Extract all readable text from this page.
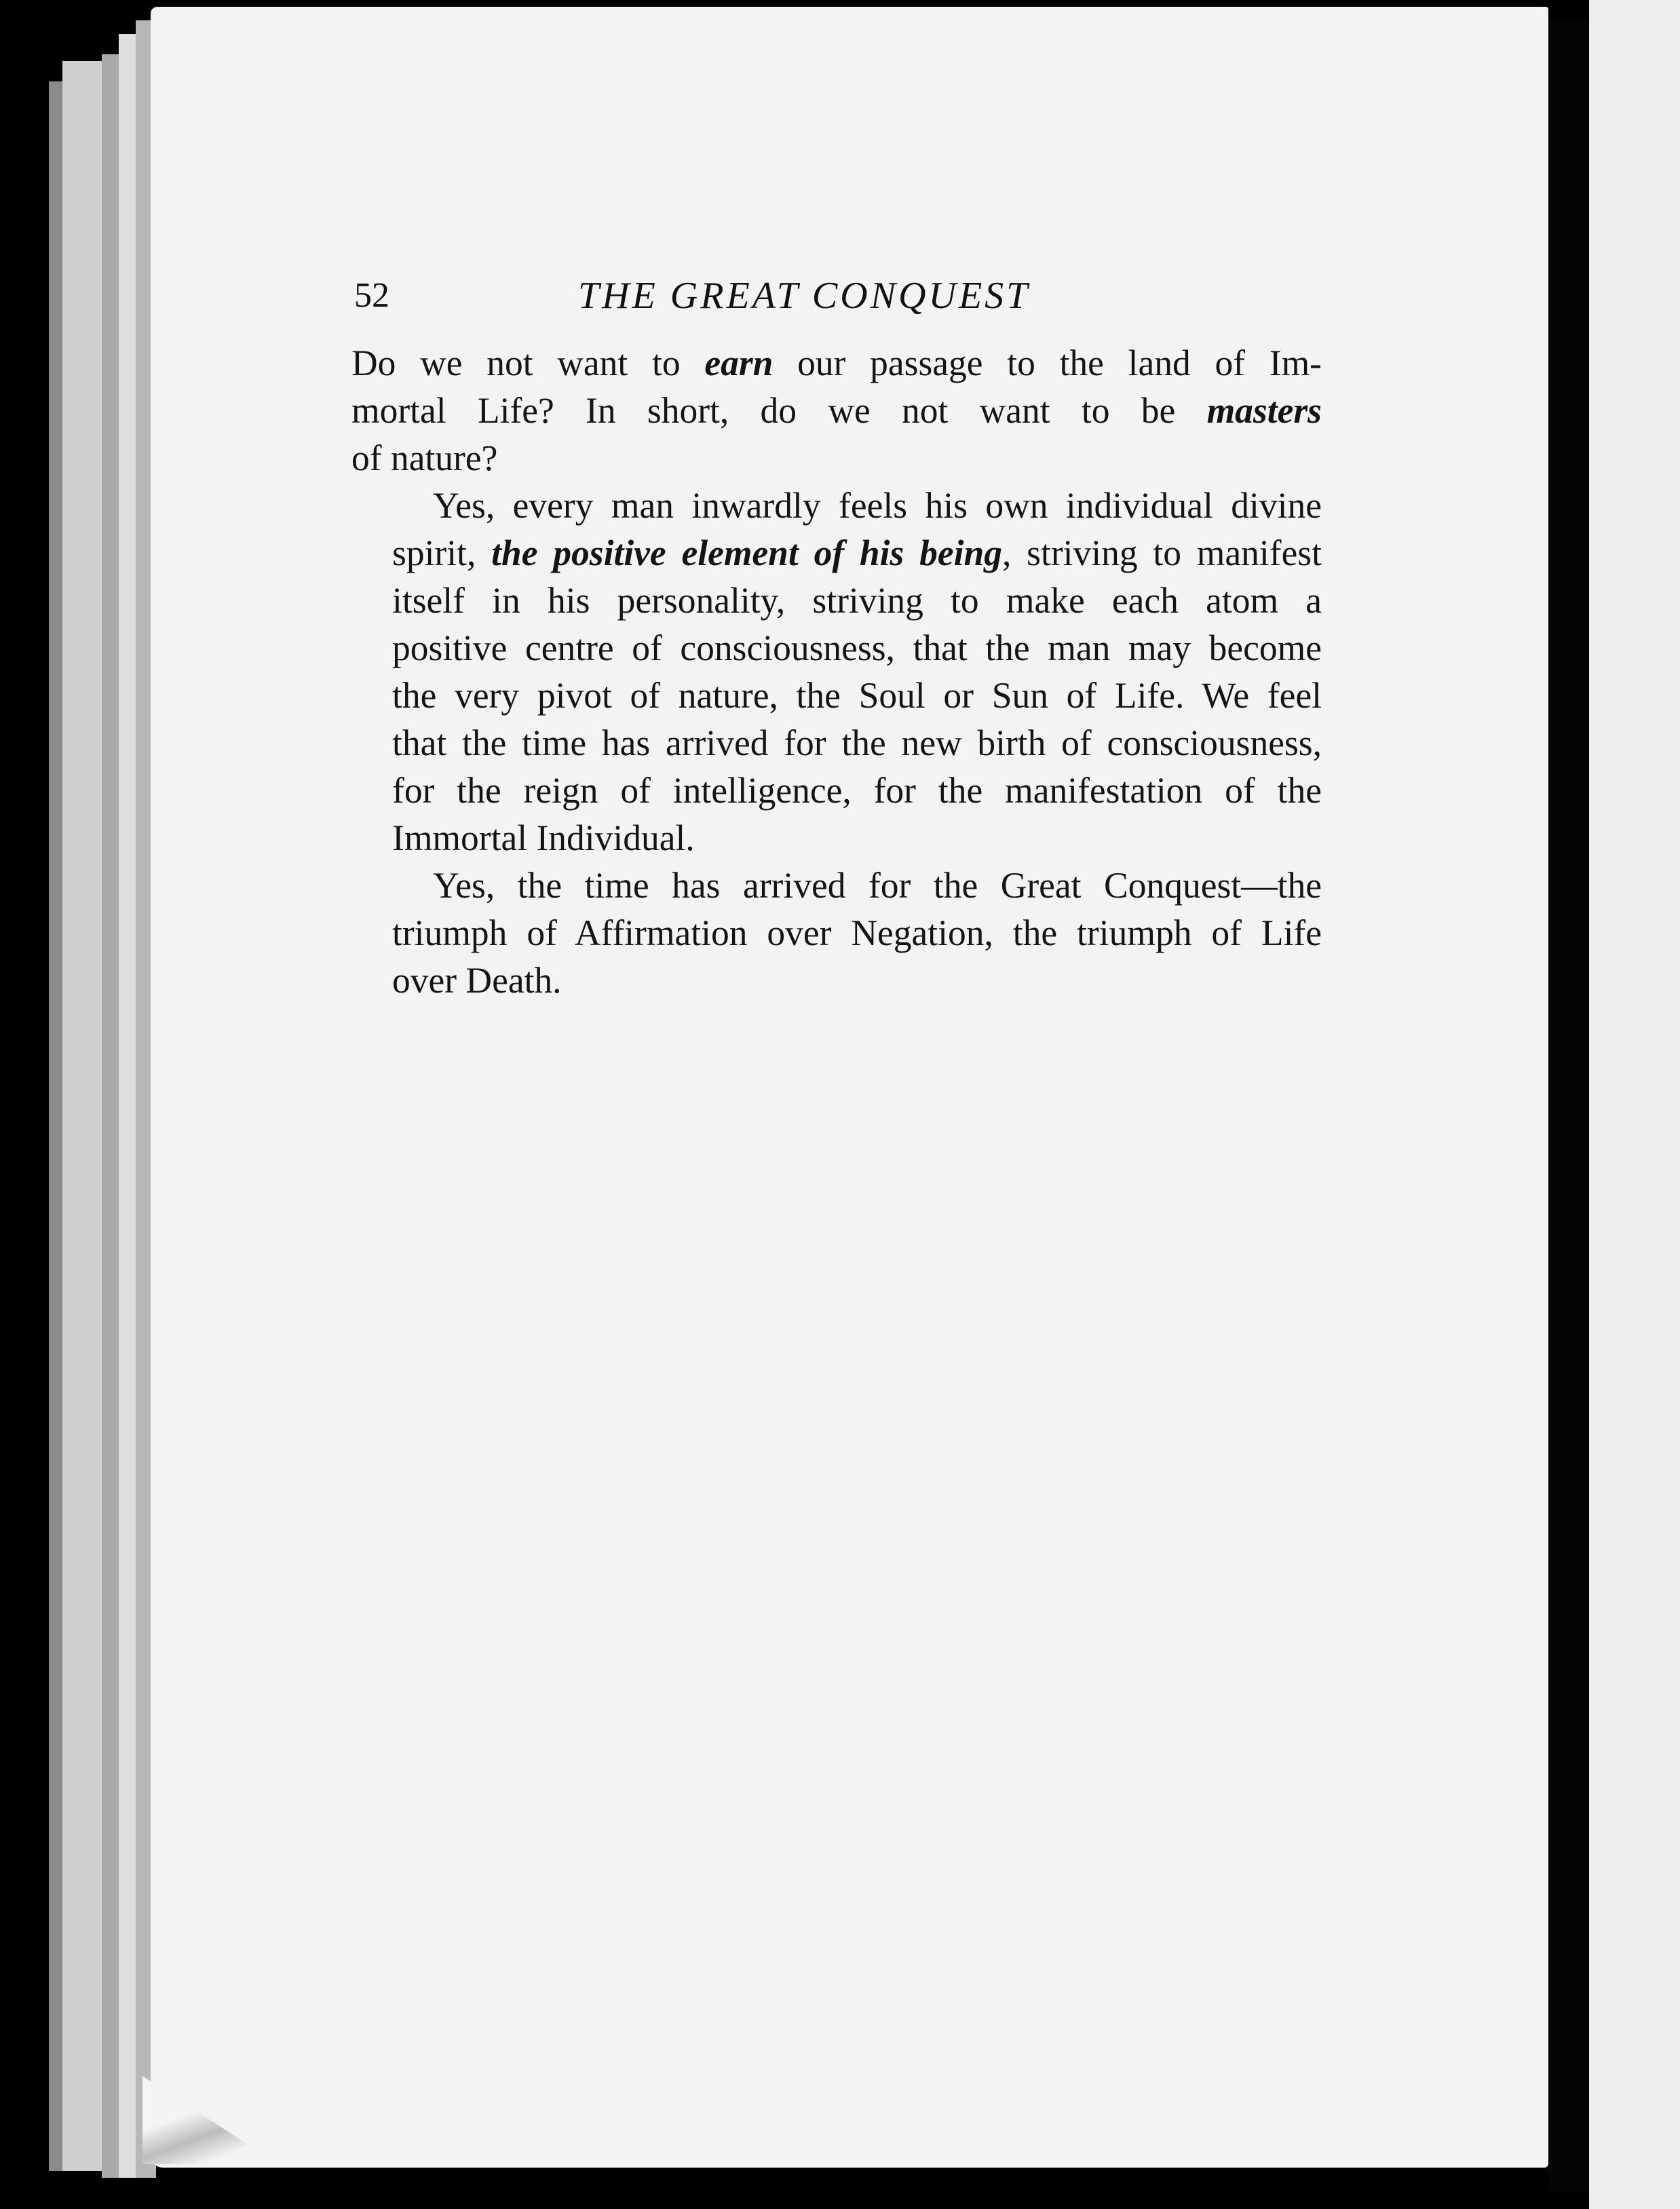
52	THE GREAT CONQUEST
Do we not want to earn our passage to the land of Im-
mortal Life? In short, do we not want to be masters
of nature?
Yes, every man inwardly feels his own individual divine
spirit, the positive element of his being, striving to manifest
itself in his personality, striving to make each atom a
positive centre of consciousness, that the man may become
the very pivot of nature, the Soul or Sun of Life. We feel
that the time has arrived for the new birth of consciousness,
for the reign of intelligence, for the manifestation of the
Immortal Individual.
Yes, the time has arrived for the Great Conquest—the
triumph of Affirmation over Negation, the triumph of Life
over Death.
